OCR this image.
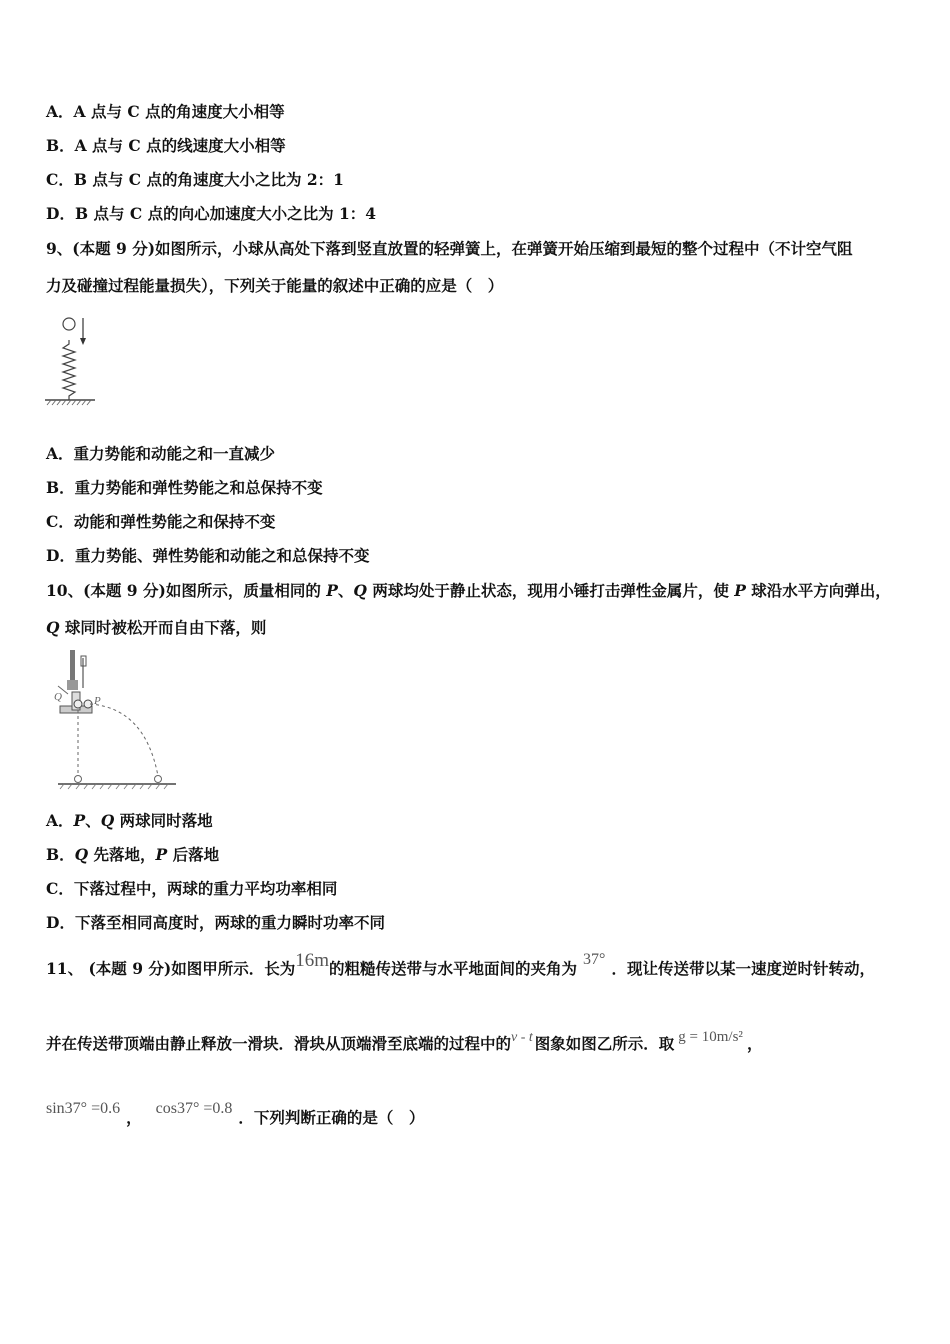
A．A 点与 C 点的角速度大小相等
B．A 点与 C 点的线速度大小相等
C．B 点与 C 点的角速度大小之比为 2：1
D．B 点与 C 点的向心加速度大小之比为 1：4
9、(本题 9 分)如图所示，小球从高处下落到竖直放置的轻弹簧上，在弹簧开始压缩到最短的整个过程中（不计空气阻
力及碰撞过程能量损失），下列关于能量的叙述中正确的应是（　）
A．重力势能和动能之和一直减少
B．重力势能和弹性势能之和总保持不变
C．动能和弹性势能之和保持不变
D．重力势能、弹性势能和动能之和总保持不变
10、(本题 9 分)如图所示，质量相同的 P、Q 两球均处于静止状态，现用小锤打击弹性金属片，使 P 球沿水平方向弹出，
Q 球同时被松开而自由下落，则
Q	P
A．P、Q 两球同时落地
B．Q 先落地，P 后落地
C．下落过程中，两球的重力平均功率相同
D．下落至相同高度时，两球的重力瞬时功率不同
11、 (本题 9 分)如图甲所示．长为16m的粗糙传送带与水平地面间的夹角为 37° ．现让传送带以某一速度逆时针转动，
并在传送带顶端由静止释放一滑块．滑块从顶端滑至底端的过程中的v - t 图象如图乙所示．取 g = 10m/s² ，
sin37° =0.6 ， cos37° =0.8 ．下列判断正确的是（　）
